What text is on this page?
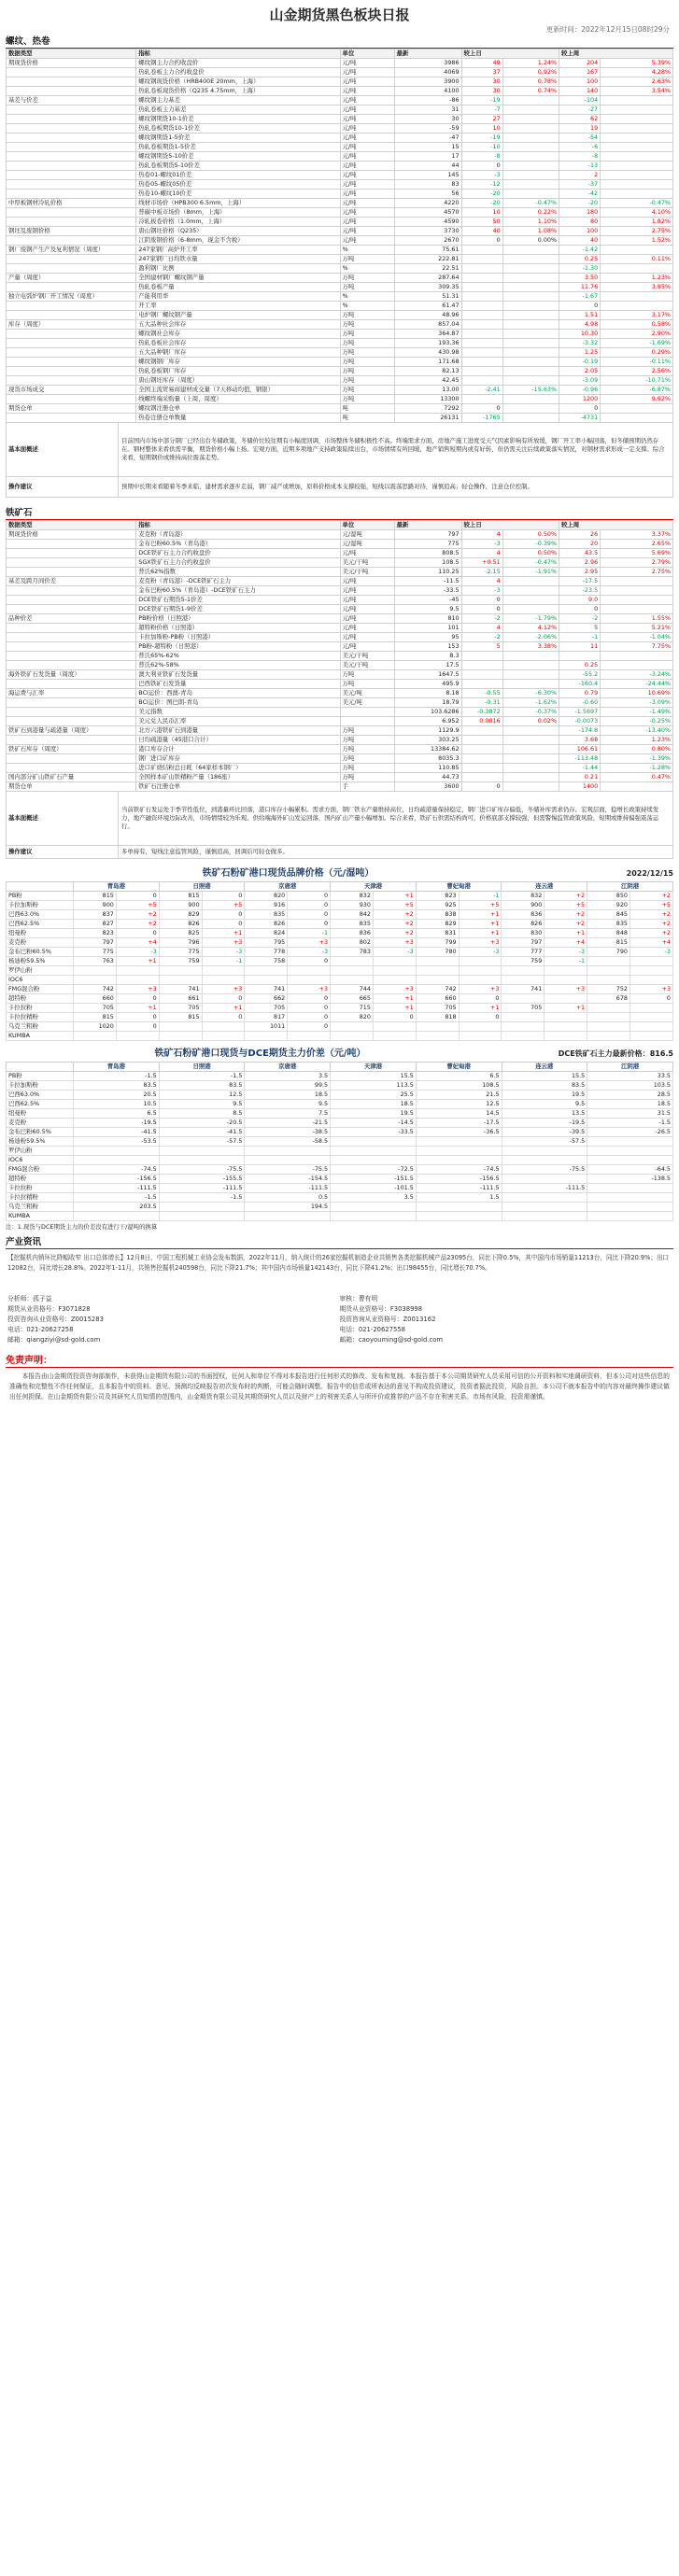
山金期货黑色板块日报
更新时间：2022年12月15日08时29分
螺纹、热卷
数据类型	指标	单位	最新	较上日		较上周	
期现货价格	螺纹钢主力合约收盘价	元/吨	3986	49	1.24%	204	5.39%
	热轧卷板主力合约收盘价	元/吨	4069	37	0.92%	167	4.28%
	螺纹钢现货价格（HRB400E 20mm，上海）	元/吨	3900	30	0.78%	100	2.63%
	热轧卷板现货价格（Q235 4.75mm，上海）	元/吨	4100	30	0.74%	140	3.54%
基差与价差	螺纹钢主力基差	元/吨	-86	-19		-104	
	热轧卷板主力基差	元/吨	31	-7		-27	
	螺纹钢期货10-1价差	元/吨	30	27		62	
	热轧卷板期货10-1价差	元/吨	-59	10		19	
	螺纹钢期货1-5价差	元/吨	-47	-19		-54	
	热轧卷板期货1-5价差	元/吨	15	-10		-6	
	螺纹钢期货5-10价差	元/吨	17	-8		-8	
	热轧卷板期货5-10价差	元/吨	44	0		-13	
	热卷01-螺纹01价差	元/吨	145	-3		2	
	热卷05-螺纹05价差	元/吨	83	-12		-37	
	热卷10-螺纹10价差	元/吨	56	-20		-42	
中厚板钢材冷轧价格	线材市场价（HPB300 6.5mm，上海）	元/吨	4220	-20	-0.47%	-20	-0.47%
	普碳中板市场价（8mm，上海）	元/吨	4570	10	0.22%	180	4.10%
	冷轧板卷价格（1.0mm，上海）	元/吨	4590	50	1.10%	80	1.82%
钢坯及废钢价格	唐山钢坯价格（Q235）	元/吨	3730	40	1.08%	100	2.75%
	江阴废钢价格（6-8mm，现金不含税）	元/吨	2670	0	0.00%	40	1.52%
钢厂废钢产生产及复利情况（周度）	247家钢厂高炉开工率	%	75.61			-1.42	
	247家钢厂日均铁水量	万吨	222.81			0.25	0.11%
	盈利钢厂比例	%	22.51			-1.30	
产量（周度）	全国建材钢厂螺纹钢产量	万吨	287.64			3.50	1.23%
	热轧卷板产量	万吨	309.35			11.76	3.95%
独立电弧炉钢厂开工情况（周度）	产能利用率	%	51.31			-1.67	
	开工率	%	61.47			0	
	电炉钢厂螺纹钢产量	万吨	48.96			1.51	3.17%
库存（周度）	五大品种社会库存	万吨	857.04			4.98	0.58%
	螺纹钢社会库存	万吨	364.87			10.30	2.90%
	热轧卷板社会库存	万吨	193.36			-3.32	-1.69%
	五大品种钢厂库存	万吨	430.98			1.25	0.29%
	螺纹钢钢厂库存	万吨	171.68			-0.19	-0.11%
	热轧卷板钢厂库存	万吨	82.13			2.05	2.56%
	唐山钢坯库存（周度）	万吨	42.45			-3.09	-10.71%
现货市场成交	全国主流贸易商建材成交量（7天移动均值，钢银）	万吨	13.00	-2.41	-15.63%	-0.96	-6.87%
	线螺终端采购量（上周，周度）	万吨	13300			1200	9.92%
期货仓单	螺纹钢注册仓单	吨	7292	0		0	
	热卷注册仓单数量	吨	26131	-1765		-4731	
基本面概述	目前国内市场中部分钢厂已经出台冬储政策，冬储价位较往期有小幅度回调，市场整体冬储积极性不高。终端需求方面，房地产施工进度受天气因素影响有所放缓，钢厂开工率小幅回落，但冬储预期仍然存在。钢材整体来看供需平衡，期货价格小幅上扬。宏观方面，近期多项地产支持政策陆续出台，市场情绪有所回暖，地产销售短期内或有好转，但仍需关注后续政策落实情况，对钢材需求形成一定支撑。综合来看，短期钢价或维持高位震荡走势。
操作建议	预期中长期来看随着冬季来临，建材需求逐步走弱，钢厂减产或增加，原料价格成本支撑较强，短线以震荡思路对待，谨慎追高；轻仓操作，注意仓位控制。
铁矿石
数据类型	指标	单位	最新	较上日		较上周	
期现货价格	麦克粉（青岛港）	元/湿吨	797	4	0.50%	26	3.37%
	金布巴粉60.5%（青岛港）	元/湿吨	775	-3	-0.39%	20	2.65%
	DCE铁矿石主力合约收盘价	元/吨	808.5	4	0.50%	43.5	5.69%
	SGX铁矿石主力合约收盘价	美元/干吨	108.5	+0.51	-0.47%	2.96	2.79%
	普氏62%指数	美元/干吨	110.25	-2.15	-1.91%	2.95	2.75%
基差及跨月间价差	麦克粉（青岛港）-DCE铁矿石主力	元/吨	-11.5	4		-17.5	
	金布巴粉60.5%（青岛港）-DCE铁矿石主力	元/吨	-33.5	-3		-23.5	
	DCE铁矿石期货5-1价差	元/吨	-45	0		9.0	
	DCE铁矿石期货1-9价差	元/吨	9.5	0		0	
品种价差	PB粉价格（日照港）	元/吨	810	-2	-1.79%	-2	1.55%
	超特粉价格（日照港）	元/吨	101	4	4.12%	5	5.21%
	卡拉加斯粉-PB粉（日照港）	元/吨	95	-2	-2.06%	-1	-1.04%
	PB粉-超特粉（日照港）	元/吨	153	5	3.38%	11	7.75%
	普氏65%-62%	美元/干吨	8.3				
	普氏62%-58%	美元/干吨	17.5			0.25	
海外铁矿石发货量（周度）	澳大利亚铁矿石发货量	万吨	1647.5			-55.2	-3.24%
	巴西铁矿石发货量	万吨	495.9			-160.4	-24.44%
海运费与汇率	BCI运价：西澳-青岛	美元/吨	8.18	-0.55	-6.30%	0.79	10.69%
	BCI运价：图巴朗-青岛	美元/吨	18.79	-0.31	-1.62%	-0.60	-3.09%
	美元指数		103.6286	-0.3872	-0.37%	-1.5697	-1.49%
	美元兑人民币汇率		6.952	0.0016	0.02%	-0.0073	-0.25%
铁矿石到港量与疏港量（周度）	北方六港铁矿石到港量	万吨	1129.9			-174.8	-13.40%
	日均疏港量（45港口合计）	万吨	303.25			3.68	1.23%
铁矿石库存（周度）	港口库存合计	万吨	13384.62			106.61	0.80%
	钢厂进口矿库存	万吨	8035.3			-113.48	-1.39%
	进口矿烧结粉总日耗（64家样本钢厂）	万吨	110.85			-1.44	-1.28%
国内部分矿山铁矿石产量	全国样本矿山铁精粉产量（186座）	万吨	44.73			0.21	0.47%
期货仓单	铁矿石注册仓单	手	3600	0		1400	
基本面概述	当前铁矿石发运处于季节性低位，到港量环比回落，港口库存小幅累积。需求方面，钢厂铁水产量维持高位，日均疏港量保持稳定，钢厂进口矿库存偏低，冬储补库需求仍存。宏观层面，稳增长政策持续发力，地产融资环境边际改善，市场情绪较为乐观。供给端海外矿山发运回落，国内矿山产量小幅增加。综合来看，铁矿石供需结构尚可，价格底部支撑较强，但需警惕监管政策风险，短期或维持偏强震荡运行。
操作建议	多单持有，短线注意监管风险，谨慎追高，回调后可轻仓做多。
铁矿石粉矿港口现货品牌价格（元/湿吨）	2022/12/15
	青岛港		日照港		京唐港		天津港		曹妃甸港		连云港		江阴港	
PB粉	815	0	815	0	820	0	832	+1	823	-1	832	+2	850	+2
卡拉加斯粉	900	+5	900	+5	916	0	930	+5	925	+5	900	+5	920	+5
巴西63.0%	837	+2	829	0	835	0	842	+2	838	+1	836	+2	845	+2
巴西62.5%	827	+2	826	0	826	0	835	+2	829	+1	826	+2	835	+2
纽曼粉	823	0	825	+1	824	-1	836	+2	831	+1	830	+1	848	+2
麦克粉	797	+4	796	+3	795	+3	802	+3	799	+3	797	+4	815	+4
金布巴粉60.5%	775	-3	775	-3	778	-3	783	-3	780	-3	777	-3	790	-3
杨迪粉59.5%	763	+1	759	-1	758	0					759	-1		
罗伊山粉														
IOC6														
FMG混合粉	742	+3	741	+3	741	+3	744	+3	742	+3	741	+3	752	+3
超特粉	660	0	661	0	662	0	665	+1	660	0			678	0
卡拉拉粉	705	+1	705	+1	705	0	715	+1	705	+1	705	+1		
卡拉拉精粉	815	0	815	0	817	0	820	0	818	0				
乌克兰粗粉	1020	0			1011	0								
KUMBA														
铁矿石粉矿港口现货与DCE期货主力价差（元/吨）	DCE铁矿石主力最新价格：816.5
	青岛港	日照港	京唐港	天津港	曹妃甸港	连云港	江阴港
PB粉	-1.5	-1.5	3.5	15.5	6.5	15.5	33.5
卡拉加斯粉	83.5	83.5	99.5	113.5	108.5	83.5	103.5
巴西63.0%	20.5	12.5	18.5	25.5	21.5	19.5	28.5
巴西62.5%	10.5	9.5	9.5	18.5	12.5	9.5	18.5
纽曼粉	6.5	8.5	7.5	19.5	14.5	13.5	31.5
麦克粉	-19.5	-20.5	-21.5	-14.5	-17.5	-19.5	-1.5
金布巴粉60.5%	-41.5	-41.5	-38.5	-33.5	-36.5	-39.5	-26.5
杨迪粉59.5%	-53.5	-57.5	-58.5			-57.5	
罗伊山粉							
IOC6							
FMG混合粉	-74.5	-75.5	-75.5	-72.5	-74.5	-75.5	-64.5
超特粉	-156.5	-155.5	-154.5	-151.5	-156.5		-138.5
卡拉拉粉	-111.5	-111.5	-111.5	-101.5	-111.5	-111.5	
卡拉拉精粉	-1.5	-1.5	0.5	3.5	1.5		
乌克兰粗粉	203.5		194.5				
KUMBA							
注：1.现货与DCE期货主力的价差没有进行干/湿吨的换算
产业资讯
【挖掘机内销环比降幅收窄 出口总体增长】12月8日，中国工程机械工业协会发布数据，2022年11月，纳入统计的26家挖掘机制造企业共销售各类挖掘机械产品23095台，同比下降0.5%，其中国内市场销量11213台，同比下降20.9%；出口12082台，同比增长28.8%。2022年1-11月，共销售挖掘机240598台，同比下降21.7%；其中国内市场销量142143台，同比下降41.2%；出口98455台，同比增长70.7%。
分析师：孤子益
期货从业资格号：F3071828
投资咨询从业资格号：Z0015283
电话：021-20627258
邮箱：qiangziyi@sd-gold.com
审核：曹有明
期货从业资格号：F3038998
投资咨询从业资格号：Z0013162
电话：021-20627558
邮箱：caoyouming@sd-gold.com
免责声明：
本报告由山金期货投资咨询部制作，未获得山金期货有限公司的书面授权，任何人和单位不得对本报告进行任何形式的修改、发布和复制。本报告基于本公司期货研究人员采用可信的公开资料和实地调研资料，但本公司对这些信息的准确性和完整性不作任何保证，且本报告中的资料、意见、预测均反映报告初次发布时的判断，可能会随时调整。报告中的信息或所表达的意见不构成投资建议，投资者据此投资，风险自担。本公司不就本报告中的内容对最终操作建议做出任何担保。在山金期货有限公司及其研究人员知情的范围内，山金期货有限公司及其期货研究人员以及财产上的利害关系人与所评价或推荐的产品不存在利害关系。市场有风险，投资需谨慎。
